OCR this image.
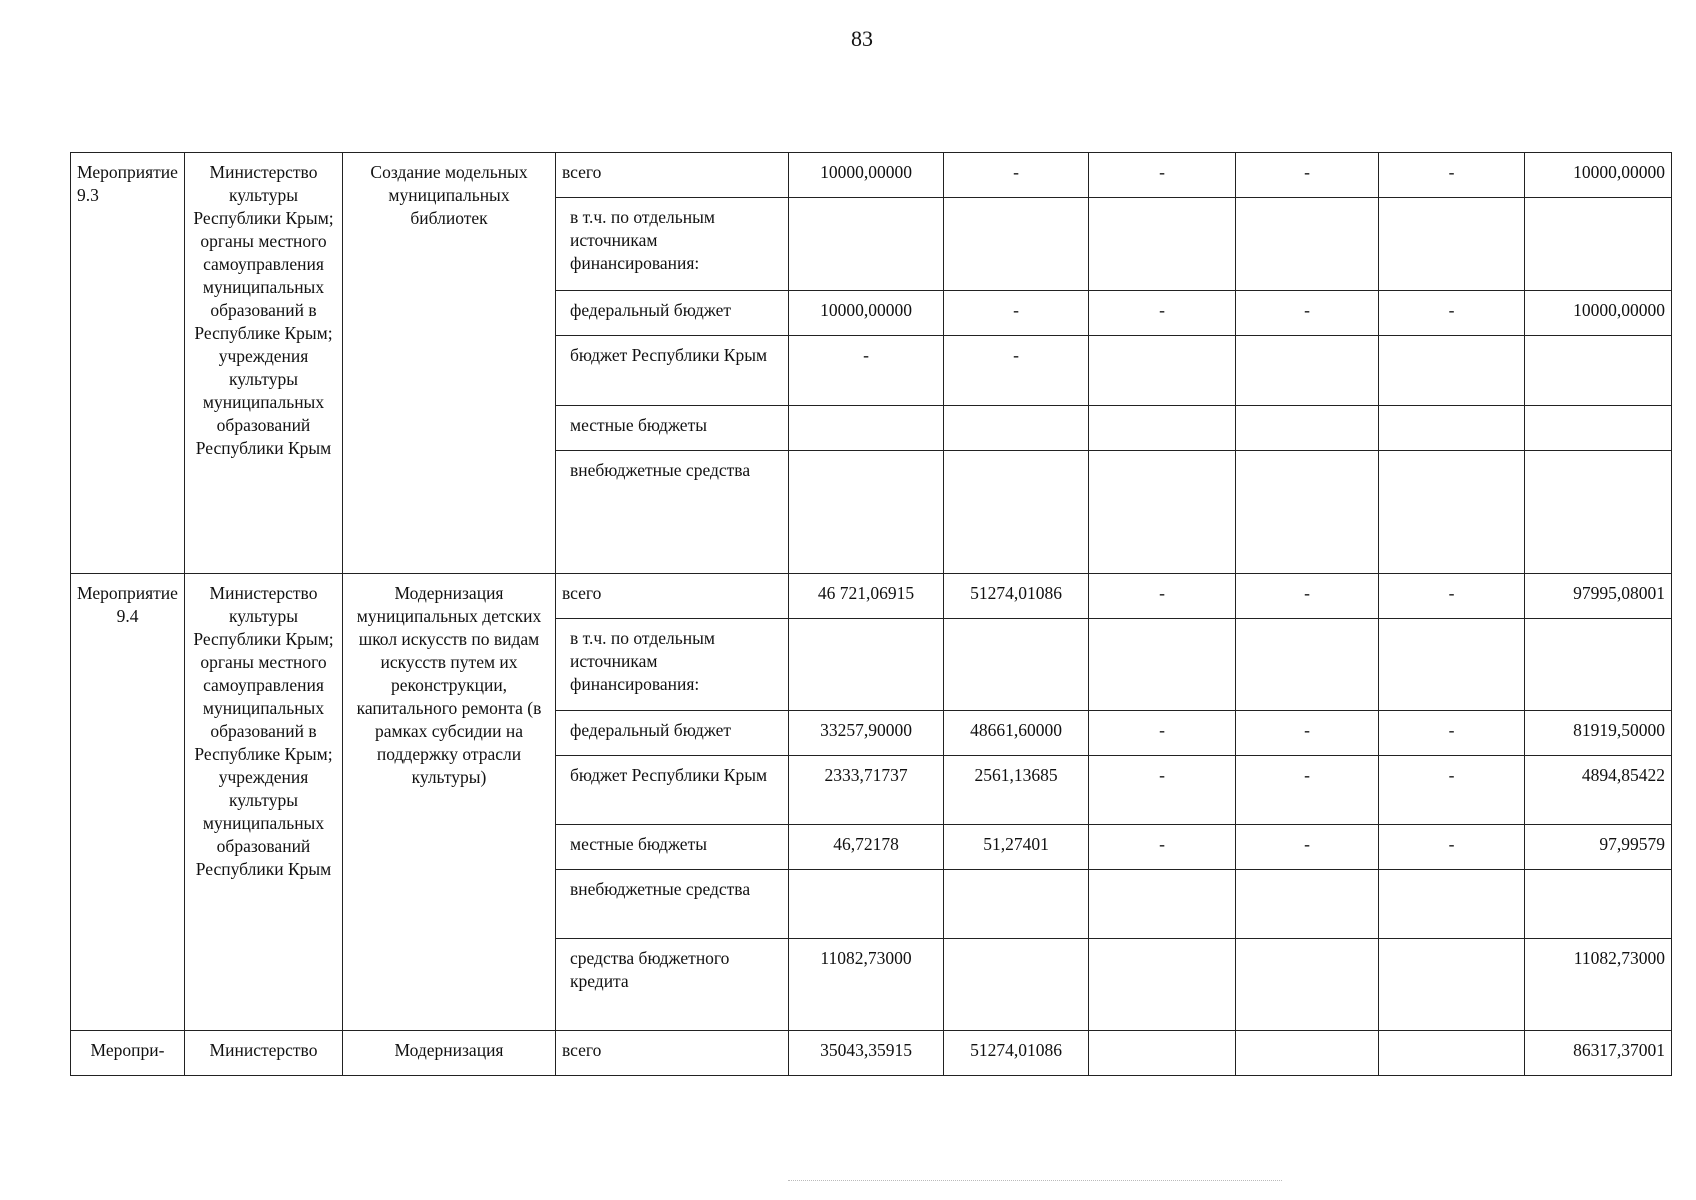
83
Мероприятие 9.3	Министерство культуры Республики Крым; органы местного самоуправления муниципальных образований в Республике Крым; учреждения культуры муниципальных образований Республики Крым	Создание модельных муниципальных библиотек	всего	10000,00000	-	-	-	-	10000,00000

			в т.ч. по отдельным источникам финансирования:						

			федеральный бюджет	10000,00000	-	-	-	-	10000,00000

			бюджет Республики Крым	-	-				

			местные бюджеты						

			внебюджетные средства						

Мероприятие 9.4	Министерство культуры Республики Крым; органы местного самоуправления муниципальных образований в Республике Крым; учреждения культуры муниципальных образований Республики Крым	Модернизация муниципальных детских школ искусств по видам искусств путем их реконструкции, капитального ремонта (в рамках субсидии на поддержку отрасли культуры)	всего	46 721,06915	51274,01086	-	-	-	97995,08001

			в т.ч. по отдельным источникам финансирования:						

			федеральный бюджет	33257,90000	48661,60000	-	-	-	81919,50000

			бюджет Республики Крым	2333,71737	2561,13685	-	-	-	4894,85422

			местные бюджеты	46,72178	51,27401	-	-	-	97,99579

			внебюджетные средства						

			средства бюджетного кредита	11082,73000					11082,73000
Меропри-	Министерство	Модернизация	всего	35043,35915	51274,01086				86317,37001
